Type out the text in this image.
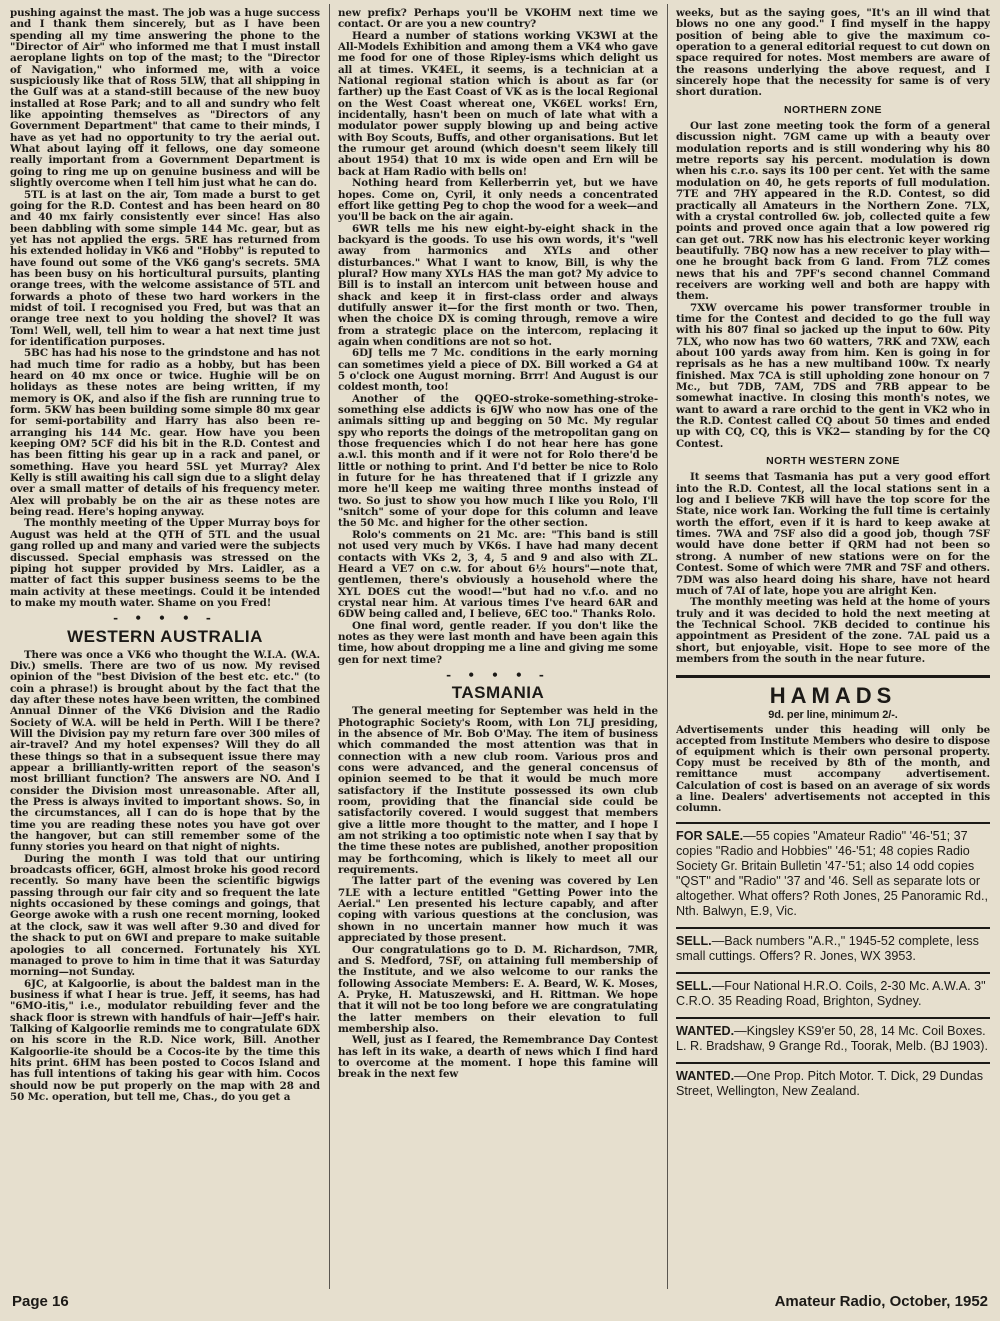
pushing against the mast. The job was a huge success and I thank them sincerely, but as I have been spending all my time answering the phone to the "Director of Air" who informed me that I must install aeroplane lights on top of the mast; to the "Director of Navigation," who informed me, with a voice suspiciously like that of Ross 5LW, that all shipping in the Gulf was at a stand-still because of the new buoy installed at Rose Park; and to all and sundry who felt like appointing themselves as "Directors of any Government Department" that came to their minds, I have as yet had no opportunity to try the aerial out. What about laying off it fellows, one day someone really important from a Government Department is going to ring me up on genuine business and will be slightly overcome when I tell him just what he can do.

5TL is at last on the air, Tom made a burst to get going for the R.D. Contest and has been heard on 80 and 40 mx fairly consistently ever since! Has also been dabbling with some simple 144 Mc. gear, but as yet has not applied the ergs. 5RE has returned from his extended holiday in VK6 and "Hobby" is reputed to have found out some of the VK6 gang's secrets. 5MA has been busy on his horticultural pursuits, planting orange trees, with the welcome assistance of 5TL and forwards a photo of these two hard workers in the midst of toil. I recognised you Fred, but was that an orange tree next to you holding the shovel? It was Tom! Well, well, tell him to wear a hat next time just for identification purposes.

5BC has had his nose to the grindstone and has not had much time for radio as a hobby, but has been heard on 40 mx once or twice. Hughie will be on holidays as these notes are being written, if my memory is OK, and also if the fish are running true to form. 5KW has been building some simple 80 mx gear for semi-portability and Harry has also been re-arranging his 144 Mc. gear. How have you been keeping OM? 5CF did his bit in the R.D. Contest and has been fitting his gear up in a rack and panel, or something. Have you heard 5SL yet Murray? Alex Kelly is still awaiting his call sign due to a slight delay over a small matter of details of his frequency meter. Alex will probably be on the air as these notes are being read. Here's hoping anyway.

The monthly meeting of the Upper Murray boys for August was held at the QTH of 5TL and the usual gang rolled up and many and varied were the subjects discussed. Special emphasis was stressed on the piping hot supper provided by Mrs. Laidler, as a matter of fact this supper business seems to be the main activity at these meetings. Could it be intended to make my mouth water. Shame on you Fred!

- • • • -
WESTERN AUSTRALIA

There was once a VK6 who thought the W.I.A. (W.A. Div.) smells. There are two of us now. My revised opinion of the "best Division of the best etc. etc." (to coin a phrase!) is brought about by the fact that the day after these notes have been written, the combined Annual Dinner of the VK6 Division and the Radio Society of W.A. will be held in Perth. Will I be there? Will the Division pay my return fare over 300 miles of air-travel? And my hotel expenses? Will they do all these things so that in a subsequent issue there may appear a brilliantly-written report of the season's most brilliant function? The answers are NO. And I consider the Division most unreasonable. After all, the Press is always invited to important shows. So, in the circumstances, all I can do is hope that by the time you are reading these notes you have got over the hangover, but can still remember some of the funny stories you heard on that night of nights.

During the month I was told that our untiring broadcasts officer, 6GH, almost broke his good record recently. So many have been the scientific bigwigs passing through our fair city and so frequent the late nights occasioned by these comings and goings, that George awoke with a rush one recent morning, looked at the clock, saw it was well after 9.30 and dived for the shack to put on 6WI and prepare to make suitable apologies to all concerned. Fortunately his XYL managed to prove to him in time that it was Saturday morning—not Sunday.

6JC, at Kalgoorlie, is about the baldest man in the business if what I hear is true. Jeff, it seems, has had "6MO-itis," i.e., modulator rebuilding fever and the shack floor is strewn with handfuls of hair—Jeff's hair. Talking of Kalgoorlie reminds me to congratulate 6DX on his score in the R.D. Nice work, Bill. Another Kalgoorlie-ite should be a Cocos-ite by the time this hits print. 6HM has been posted to Cocos Island and has full intentions of taking his gear with him. Cocos should now be put properly on the map with 28 and 50 Mc. operation, but tell me, Chas., do you get a

new prefix? Perhaps you'll be VKOHM next time we contact. Or are you a new country?

Heard a number of stations working VK3WI at the All-Models Exhibition and among them a VK4 who gave me food for one of those Ripley-isms which delight us all at times. VK4EL, it seems, is a technician at a National regional station which is about as far (or farther) up the East Coast of VK as is the local Regional on the West Coast whereat one, VK6EL works! Ern, incidentally, hasn't been on much of late what with a modulator power supply blowing up and being active with Boy Scouts, Buffs, and other organisations. But let the rumour get around (which doesn't seem likely till about 1954) that 10 mx is wide open and Ern will be back at Ham Radio with bells on!

Nothing heard from Kellerberrin yet, but we have hopes. Come on, Cyril, it only needs a concentrated effort like getting Peg to chop the wood for a week—and you'll be back on the air again.

6WR tells me his new eight-by-eight shack in the backyard is the goods. To use his own words, it's "well away from harmonics and XYLs and other disturbances." What I want to know, Bill, is why the plural? How many XYLs HAS the man got? My advice to Bill is to install an intercom unit between house and shack and keep it in first-class order and always dutifully answer it—for the first month or two. Then, when the choice DX is coming through, remove a wire from a strategic place on the intercom, replacing it again when conditions are not so hot.

6DJ tells me 7 Mc. conditions in the early morning can sometimes yield a piece of DX. Bill worked a G4 at 5 o'clock one August morning. Brrr! And August is our coldest month, too!

Another of the QQEO-stroke-something-stroke-something else addicts is 6JW who now has one of the animals sitting up and begging on 50 Mc. My regular spy who reports the doings of the metropolitan gang on those frequencies which I do not hear here has gone a.w.l. this month and if it were not for Rolo there'd be little or nothing to print. And I'd better be nice to Rolo in future for he has threatened that if I grizzle any more he'll keep me waiting three months instead of two. So just to show you how much I like you Rolo, I'll "snitch" some of your dope for this column and leave the 50 Mc. and higher for the other section.

Rolo's comments on 21 Mc. are: "This band is still not used very much by VK6s. I have had many decent contacts with VKs 2, 3, 4, 5 and 9 and also with ZL. Heard a VE7 on c.w. for about 6½ hours"—note that, gentlemen, there's obviously a household where the XYL DOES cut the wood!—"but had no v.f.o. and no crystal near him. At various times I've heard 6AR and 6DW being called and, I believe, 6EC too." Thanks Rolo.

One final word, gentle reader. If you don't like the notes as they were last month and have been again this time, how about dropping me a line and giving me some gen for next time?

- • • • -
TASMANIA

The general meeting for September was held in the Photographic Society's Room, with Lon 7LJ presiding, in the absence of Mr. Bob O'May. The item of business which commanded the most attention was that in connection with a new club room. Various pros and cons were advanced, and the general concensus of opinion seemed to be that it would be much more satisfactory if the Institute possessed its own club room, providing that the financial side could be satisfactorily covered. I would suggest that members give a little more thought to the matter, and I hope I am not striking a too optimistic note when I say that by the time these notes are published, another proposition may be forthcoming, which is likely to meet all our requirements.

The latter part of the evening was covered by Len 7LE with a lecture entitled "Getting Power into the Aerial." Len presented his lecture capably, and after coping with various questions at the conclusion, was shown in no uncertain manner how much it was appreciated by those present.

Our congratulations go to D. M. Richardson, 7MR, and S. Medford, 7SF, on attaining full membership of the Institute, and we also welcome to our ranks the following Associate Members: E. A. Beard, W. K. Moses, A. Pryke, H. Matuszewski, and H. Rittman. We hope that it will not be too long before we are congratulating the latter members on their elevation to full membership also.

Well, just as I feared, the Remembrance Day Contest has left in its wake, a dearth of news which I find hard to overcome at the moment. I hope this famine will break in the next few

weeks, but as the saying goes, "It's an ill wind that blows no one any good." I find myself in the happy position of being able to give the maximum co-operation to a general editorial request to cut down on space required for notes. Most members are aware of the reasons underlying the above request, and I sincerely hope that the necessity for same is of very short duration.

NORTHERN ZONE

Our last zone meeting took the form of a general discussion night. 7GM came up with a beauty over modulation reports and is still wondering why his 80 metre reports say his percent. modulation is down when his c.r.o. says its 100 per cent. Yet with the same modulation on 40, he gets reports of full modulation. 7TE and 7HY appeared in the R.D. Contest, so did practically all Amateurs in the Northern Zone. 7LX, with a crystal controlled 6w. job, collected quite a few points and proved once again that a low powered rig can get out. 7RK now has his electronic keyer working beautifully. 7BQ now has a new receiver to play with—one he brought back from G land. From 7LZ comes news that his and 7PF's second channel Command receivers are working well and both are happy with them.

7XW overcame his power transformer trouble in time for the Contest and decided to go the full way with his 807 final so jacked up the input to 60w. Pity 7LX, who now has two 60 watters, 7RK and 7XW, each about 100 yards away from him. Ken is going in for reprisals as he has a new multiband 100w. Tx nearly finished. Max 7CA is still upholding zone honour on 7 Mc., but 7DB, 7AM, 7DS and 7RB appear to be somewhat inactive. In closing this month's notes, we want to award a rare orchid to the gent in VK2 who in the R.D. Contest called CQ about 50 times and ended up with CQ, CQ, this is VK2— standing by for the CQ Contest.

NORTH WESTERN ZONE

It seems that Tasmania has put a very good effort into the R.D. Contest, all the local stations sent in a log and I believe 7KB will have the top score for the State, nice work Ian. Working the full time is certainly worth the effort, even if it is hard to keep awake at times. 7WA and 7SF also did a good job, though 7SF would have done better if QRM had not been so strong. A number of new stations were on for the Contest. Some of which were 7MR and 7SF and others. 7DM was also heard doing his share, have not heard much of 7AI of late, hope you are alright Ken.

The monthly meeting was held at the home of yours truly and it was decided to hold the next meeting at the Technical School. 7KB decided to continue his appointment as President of the zone. 7AL paid us a short, but enjoyable, visit. Hope to see more of the members from the south in the near future.

HAMADS
9d. per line, minimum 2/-.

Advertisements under this heading will only be accepted from Institute Members who desire to dispose of equipment which is their own personal property. Copy must be received by 8th of the month, and remittance must accompany advertisement. Calculation of cost is based on an average of six words a line. Dealers' advertisements not accepted in this column.

FOR SALE.—55 copies "Amateur Radio" '46-'51; 37 copies "Radio and Hobbies" '46-'51; 48 copies Radio Society Gr. Britain Bulletin '47-'51; also 14 odd copies "QST" and "Radio" '37 and '46. Sell as separate lots or altogether. What offers? Roth Jones, 25 Panoramic Rd., Nth. Balwyn, E.9, Vic.
SELL.—Back numbers "A.R.," 1945-52 complete, less small cuttings. Offers? R. Jones, WX 3953.
SELL.—Four National H.R.O. Coils, 2-30 Mc. A.W.A. 3" C.R.O. 35 Reading Road, Brighton, Sydney.
WANTED.—Kingsley KS9'er 50, 28, 14 Mc. Coil Boxes. L. R. Bradshaw, 9 Grange Rd., Toorak, Melb. (BJ 1903).
WANTED.—One Prop. Pitch Motor. T. Dick, 29 Dundas Street, Wellington, New Zealand.
Page 16	Amateur Radio, October, 1952
